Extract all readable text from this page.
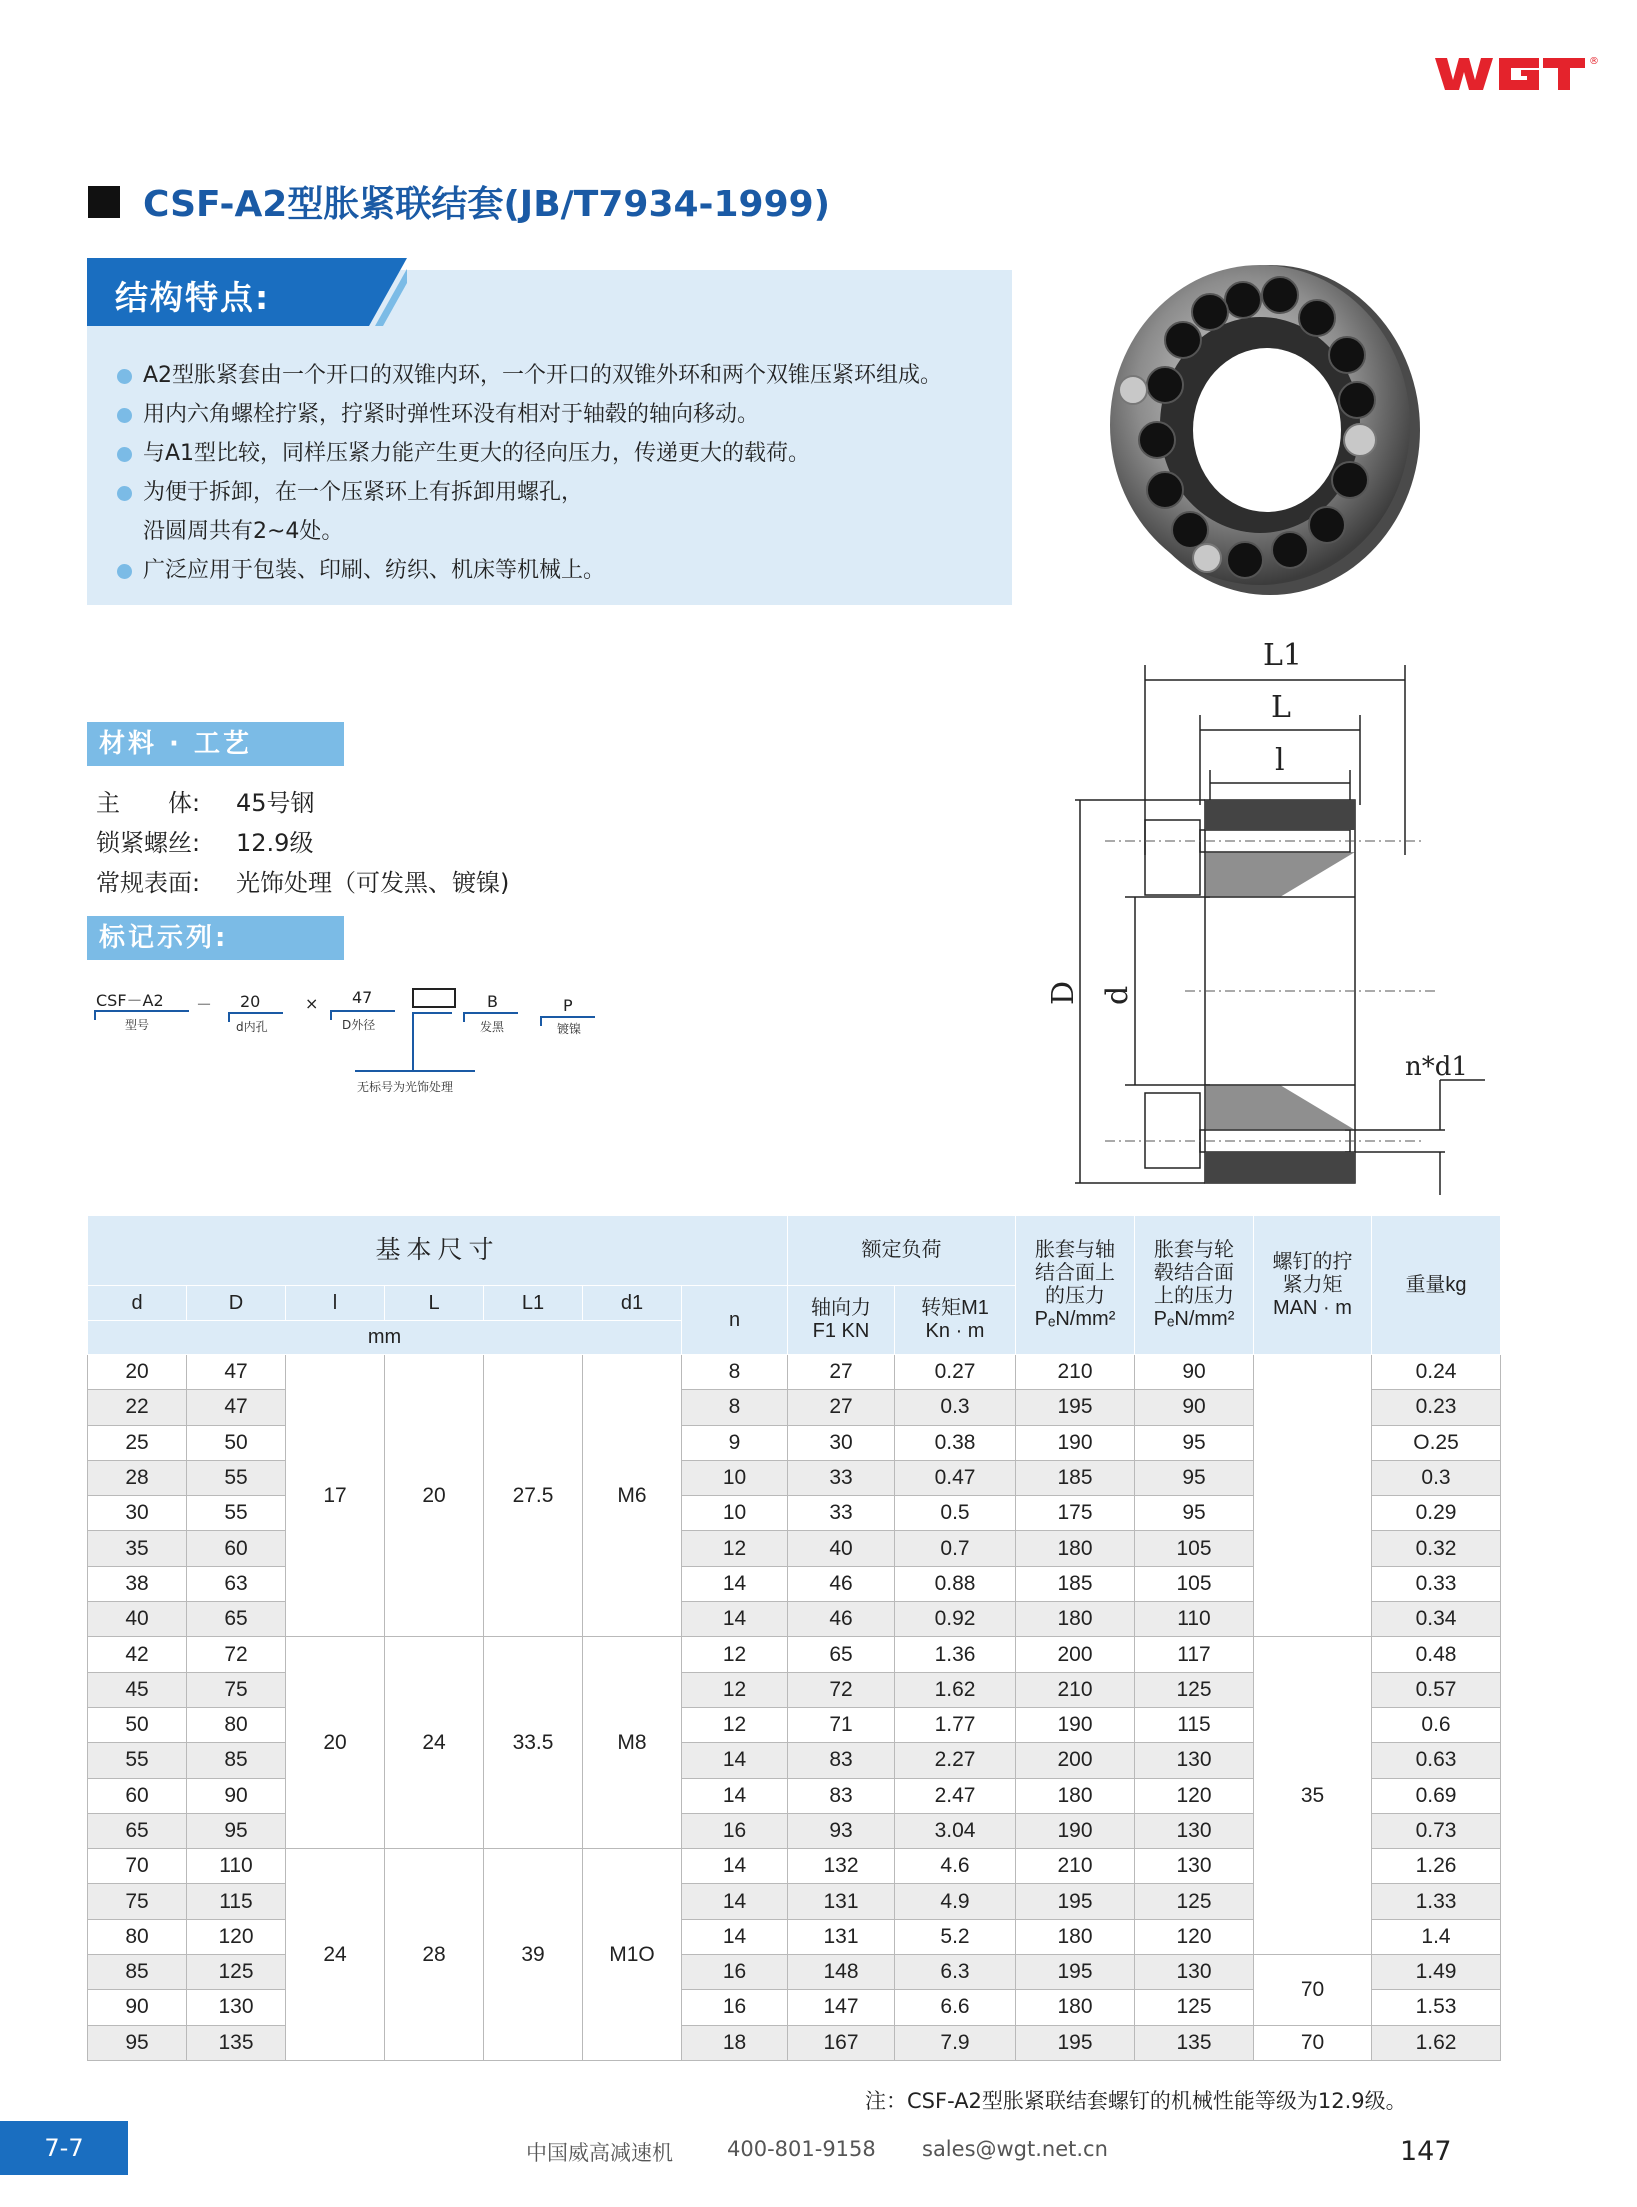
®
CSF-A2型胀紧联结套(JB/T7934-1999)
结构特点:
A2型胀紧套由一个开口的双锥内环，一个开口的双锥外环和两个双锥压紧环组成。
用内六角螺栓拧紧，拧紧时弹性环没有相对于轴毂的轴向移动。
与A1型比较，同样压紧力能产生更大的径向压力，传递更大的载荷。
为便于拆卸，在一个压紧环上有拆卸用螺孔，
沿圆周共有2~4处。
广泛应用于包装、印刷、纺织、机床等机械上。
L1
L
l
D d
n*d1
材料 · 工艺
主　　体: 45号钢
锁紧螺丝: 12.9级
常规表面: 光饰处理（可发黑、镀镍)
标记示列:
CSF－A2
型号
－ 20
d内孔
× 47
D外径
无标号为光饰处理
B
发黑
P
镀镍
基本尺寸							额定负荷		胀套与轴
结合面上
的压力
PₑN/mm²	胀套与轮
毂结合面
上的压力
PₑN/mm²	螺钉的拧
紧力矩
MAN · m	重量kg
d	D	l	L	L1	d1	n	轴向力
F1 KN	转矩M1
Kn · m				
mm												
20	47	17	20	27.5	M6	8	27	0.27	210	90		0.24
22	47					8	27	0.3	195	90		0.23
25	50					9	30	0.38	190	95		O.25
28	55					10	33	0.47	185	95		0.3
30	55					10	33	0.5	175	95		0.29
35	60					12	40	0.7	180	105		0.32
38	63					14	46	0.88	185	105		0.33
40	65					14	46	0.92	180	110		0.34
42	72	20	24	33.5	M8	12	65	1.36	200	117	35	0.48
45	75					12	72	1.62	210	125		0.57
50	80					12	71	1.77	190	115		0.6
55	85					14	83	2.27	200	130		0.63
60	90					14	83	2.47	180	120		0.69
65	95					16	93	3.04	190	130		0.73
70	110	24	28	39	M1O	14	132	4.6	210	130		1.26
75	115					14	131	4.9	195	125		1.33
80	120					14	131	5.2	180	120		1.4
85	125					16	148	6.3	195	130	70	1.49
90	130					16	147	6.6	180	125		1.53
95	135					18	167	7.9	195	135	70	1.62
注：CSF-A2型胀紧联结套螺钉的机械性能等级为12.9级。
7-7	中国威高减速机	400-801-9158 sales@wgt.net.cn	147
